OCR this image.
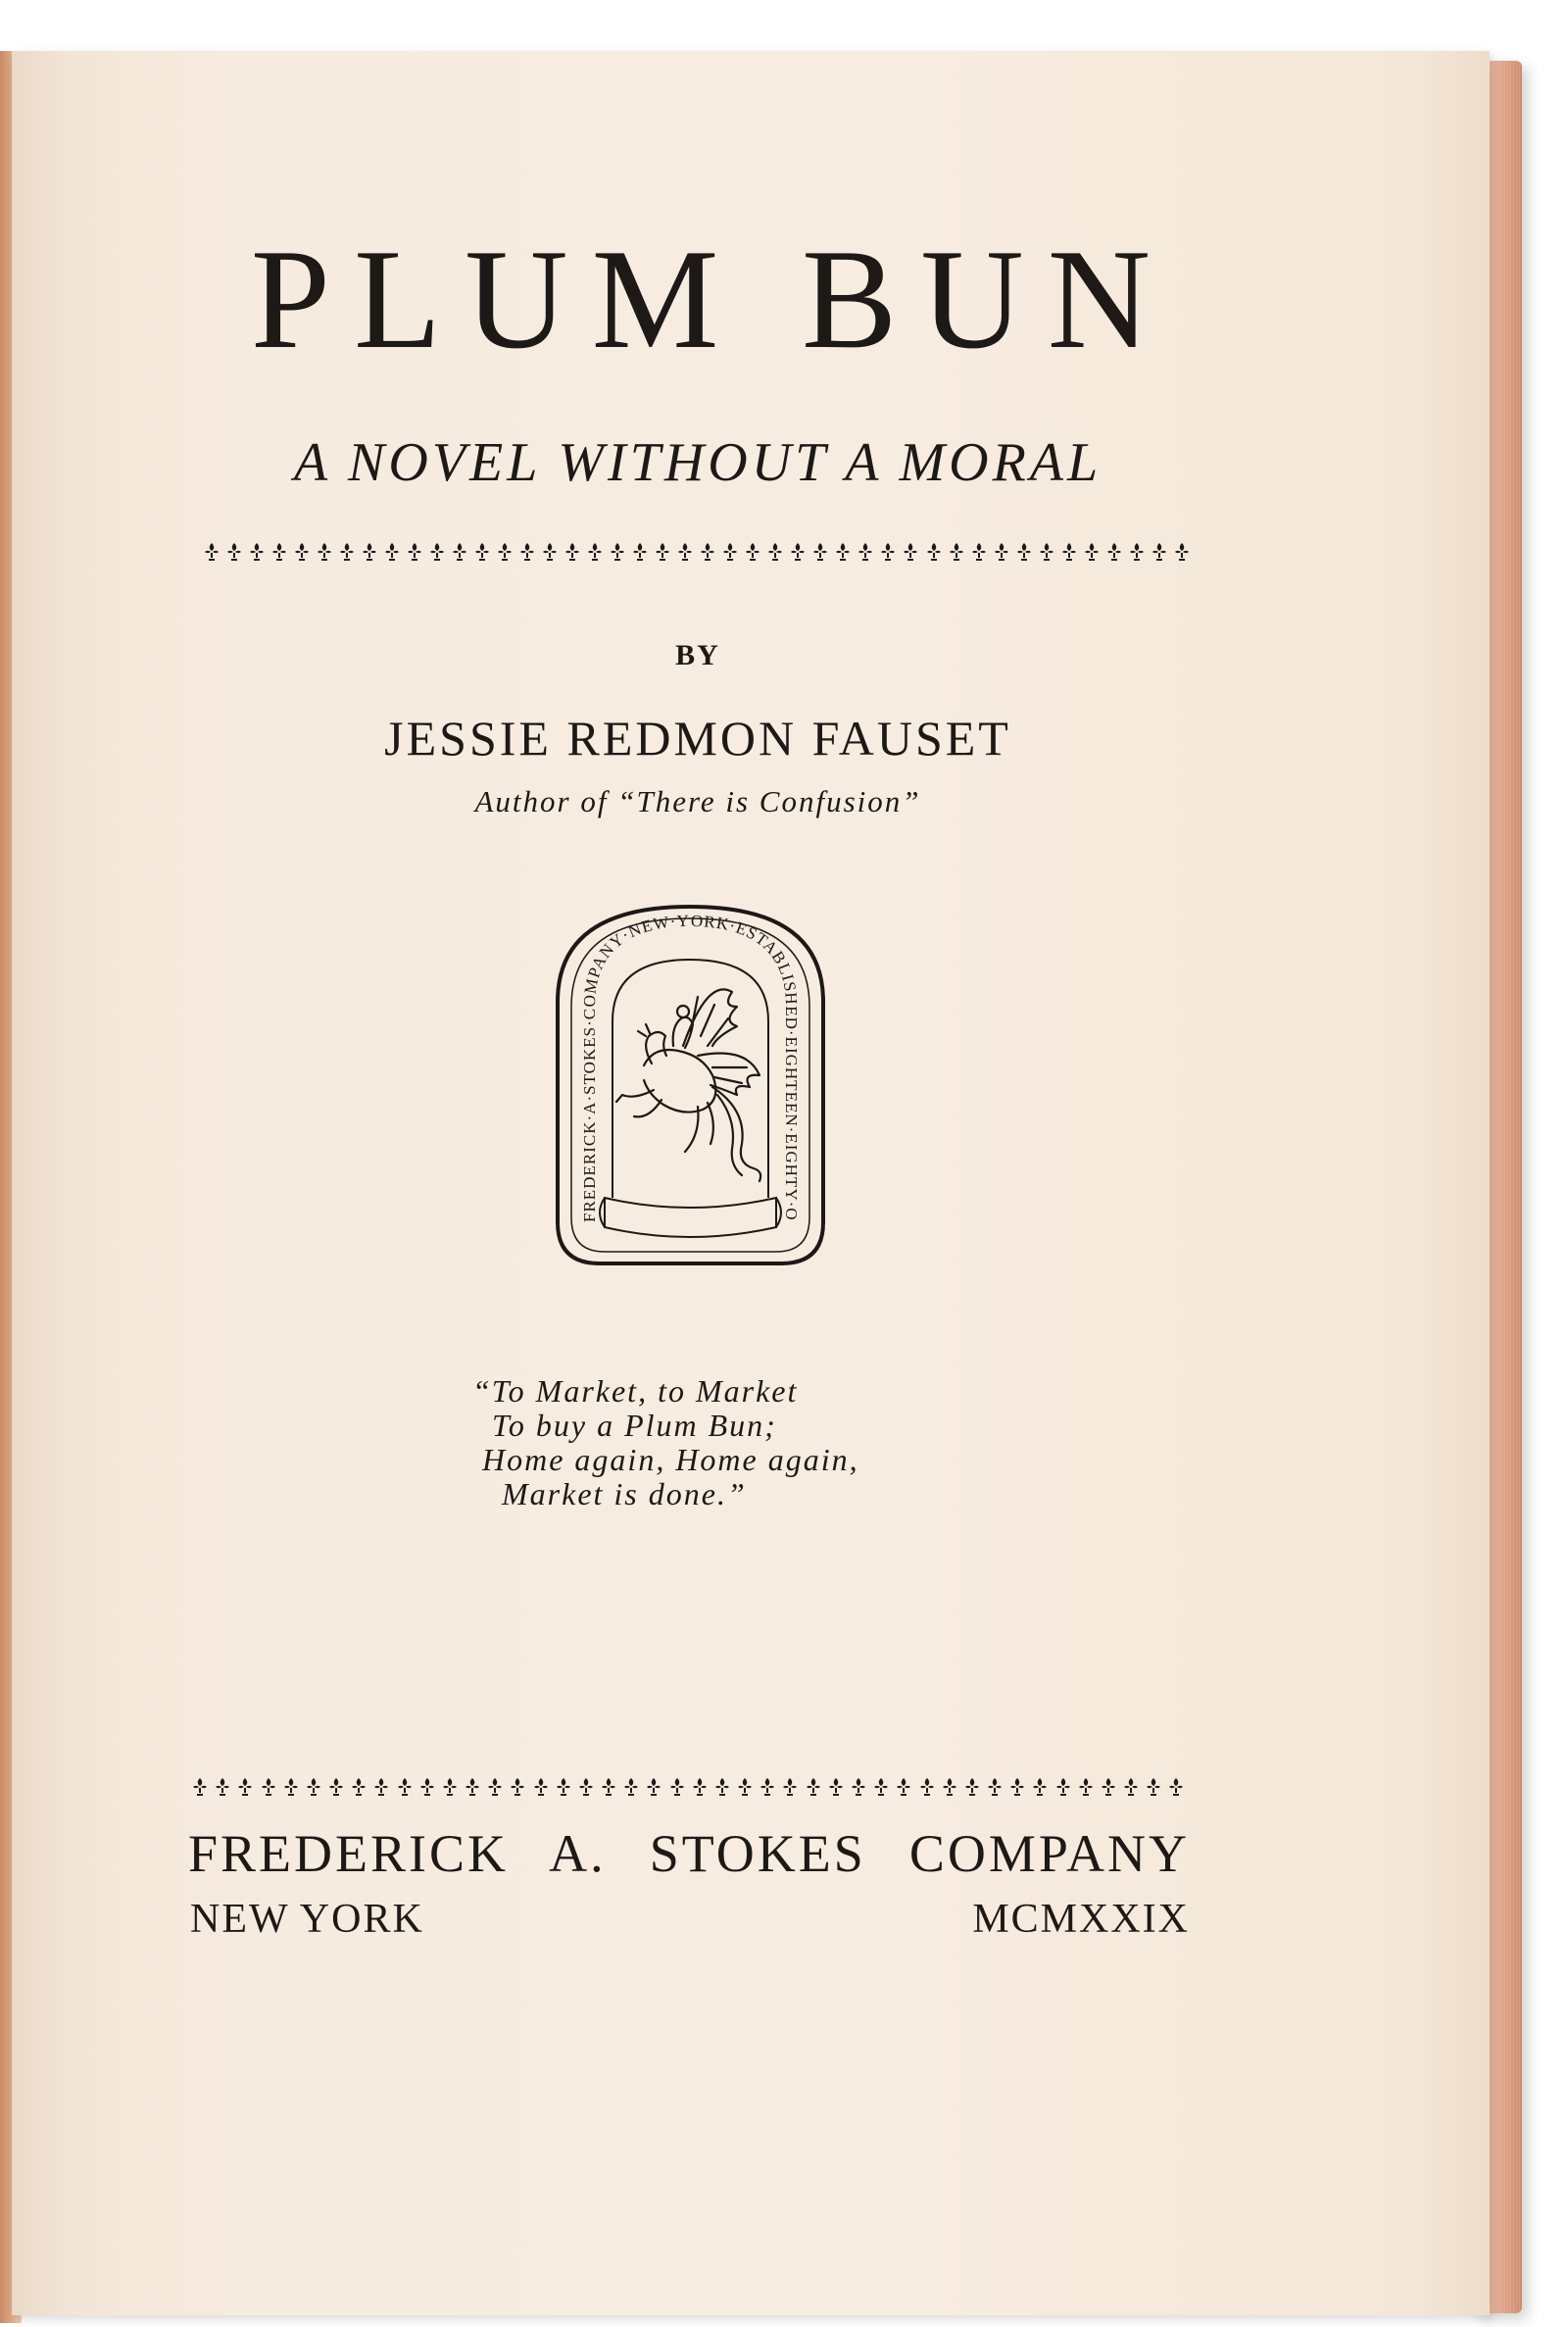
PLUM BUN
A NOVEL WITHOUT A MORAL
BY
JESSIE REDMON FAUSET
Author of “There is Confusion”
FREDERICK·A·STOKES·COMPANY·NEW·YORK·ESTABLISHED·EIGHTEEN·EIGHTY·O
“To Market, to Market
To buy a Plum Bun;
Home again, Home again,
Market is done.”
FREDERICK A. STOKES COMPANY
NEW YORK	MCMXXIX
